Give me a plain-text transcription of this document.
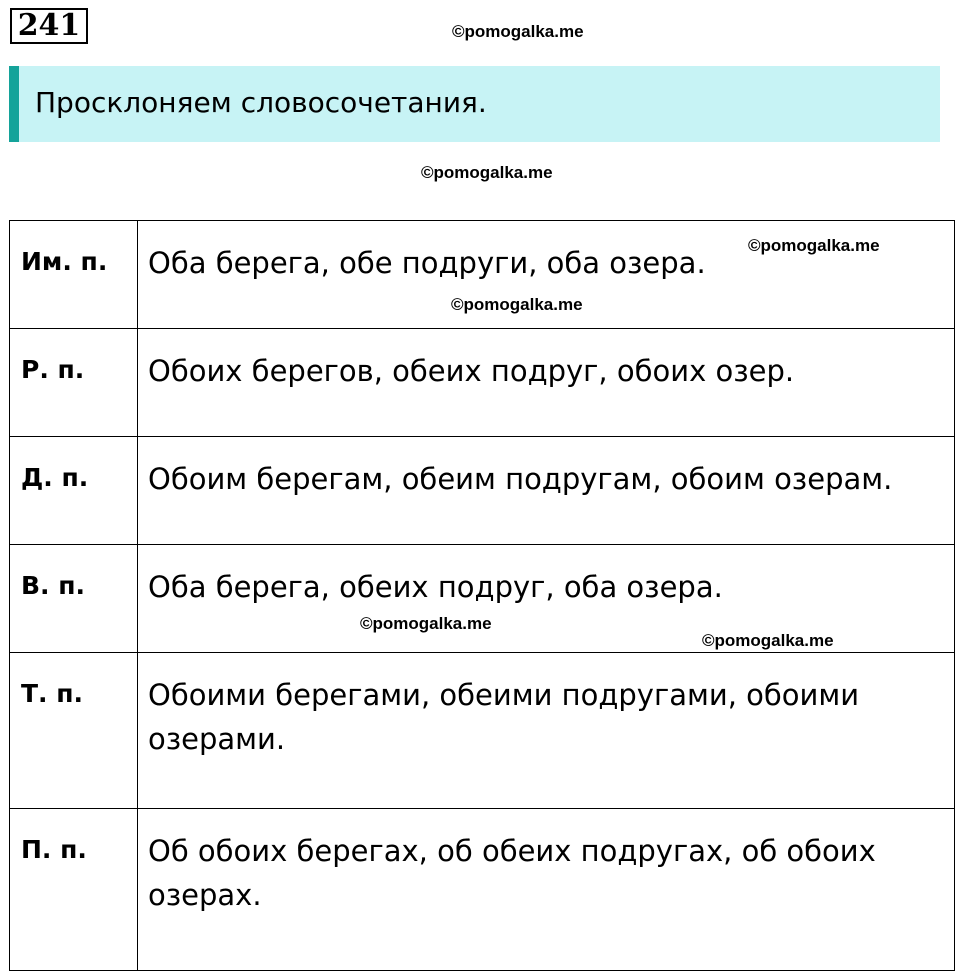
241	©pomogalka.me
Просклоняем словосочетания.
©pomogalka.me
Им. п.	Оба берега, обе подруги, оба озера.
Р. п.	Обоих берегов, обеих подруг, обоих озер.
Д. п.	Обоим берегам, обеим подругам, обоим озерам.
В. п.	Оба берега, обеих подруг, оба озера.
Т. п.	Обоими берегами, обеими подругами, обоими озерами.
П. п.	Об обоих берегах, об обеих подругах, об обоих озерах.
©pomogalka.me
©pomogalka.me
©pomogalka.me
©pomogalka.me
